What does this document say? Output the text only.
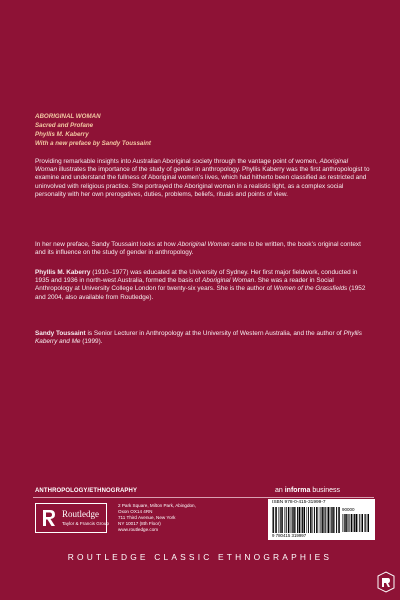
ABORIGINAL WOMAN
Sacred and Profane
Phyllis M. Kaberry
With a new preface by Sandy Toussaint
Providing remarkable insights into Australian Aboriginal society through the vantage point of women, Aboriginal Woman illustrates the importance of the study of gender in anthropology. Phyllis Kaberry was the first anthropologist to examine and understand the fullness of Aboriginal women’s lives, which had hitherto been classified as restricted and uninvolved with religious practice. She portrayed the Aboriginal woman in a realistic light, as a complex social personality with her own prerogatives, duties, problems, beliefs, rituals and points of view.
In her new preface, Sandy Toussaint looks at how Aboriginal Woman came to be written, the book’s original context and its influence on the study of gender in anthropology.
Phyllis M. Kaberry (1910–1977) was educated at the University of Sydney. Her first major fieldwork, conducted in 1935 and 1936 in north-west Australia, formed the basis of Aboriginal Woman. She was a reader in Social Anthropology at University College London for twenty-six years. She is the author of Women of the Grassfields (1952 and 2004, also available from Routledge).
Sandy Toussaint is Senior Lecturer in Anthropology at the University of Western Australia, and the author of Phyllis Kaberry and Me (1999).
ANTHROPOLOGY/ETHNOGRAPHY	an informa business
Routledge
Taylor & Francis Group
2 Park Square, Milton Park, Abingdon,
Oxon OX14 4RN
711 Third Avenue, New York
NY 10017 (8th Floor)
www.routledge.com
ISBN 978-0-415-31999-7
90000
9 780415 319997
ROUTLEDGE CLASSIC ETHNOGRAPHIES
